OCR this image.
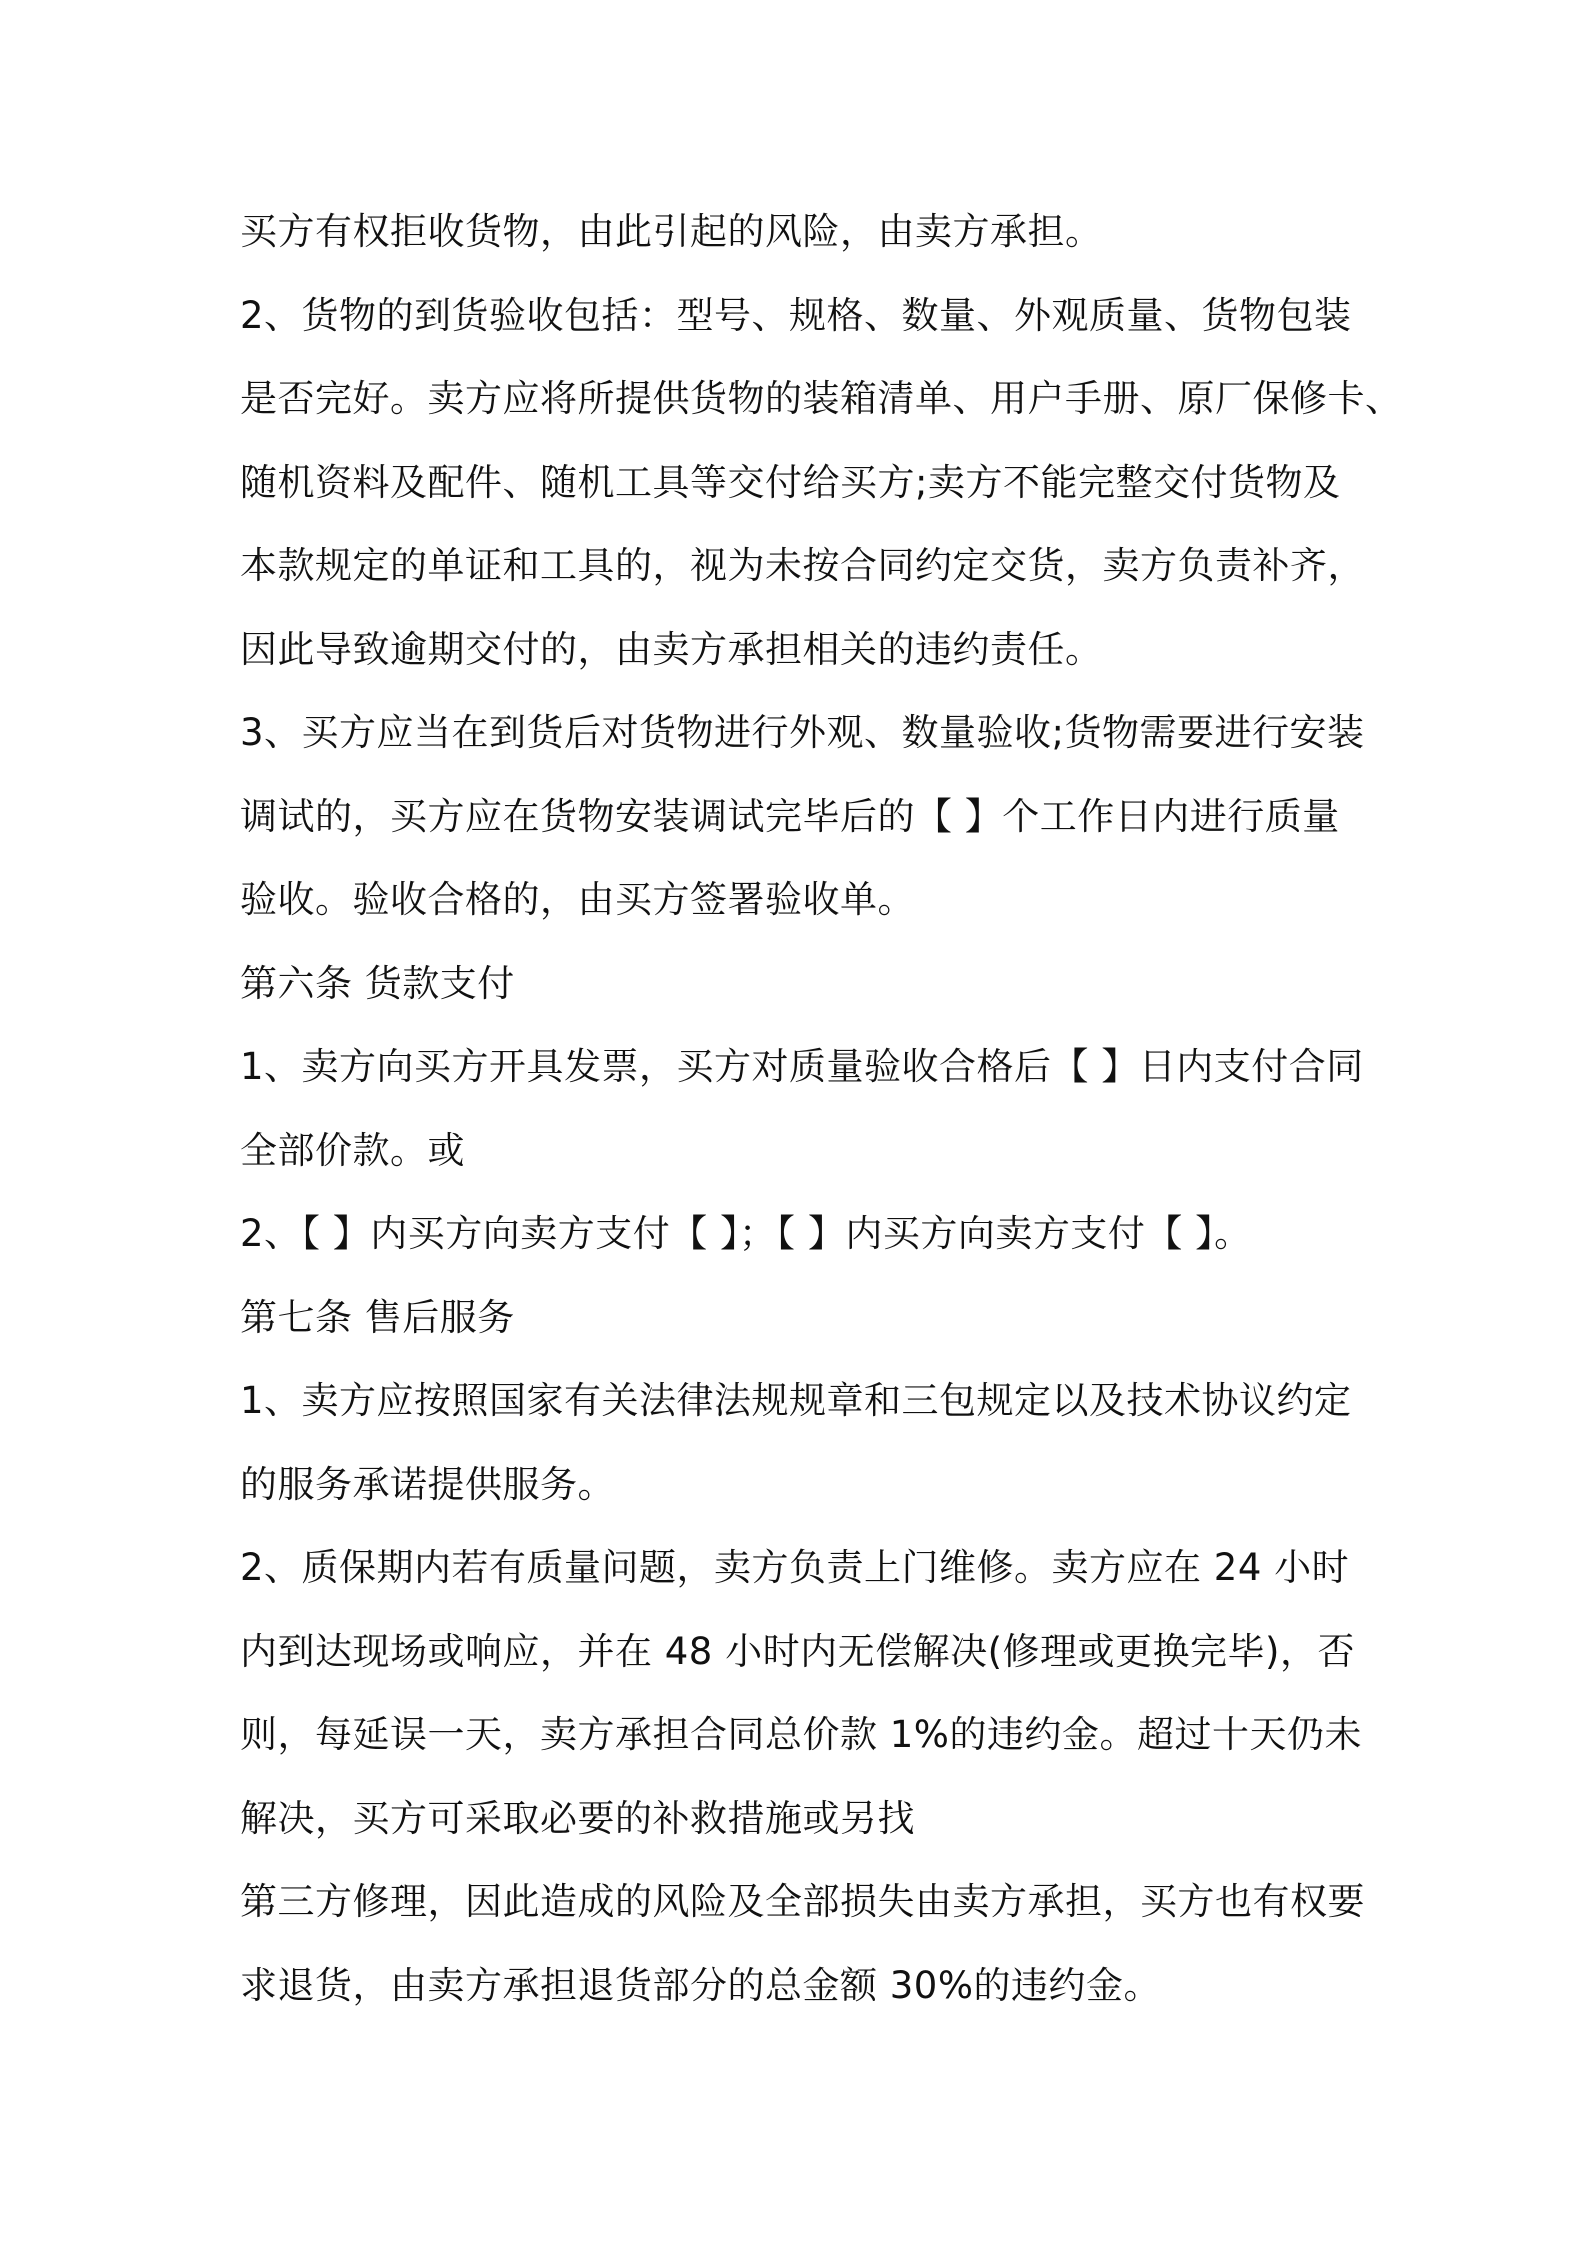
买方有权拒收货物，由此引起的风险，由卖方承担。

2、货物的到货验收包括：型号、规格、数量、外观质量、货物包装

是否完好。卖方应将所提供货物的装箱清单、用户手册、原厂保修卡、

随机资料及配件、随机工具等交付给买方;卖方不能完整交付货物及

本款规定的单证和工具的，视为未按合同约定交货，卖方负责补齐，

因此导致逾期交付的，由卖方承担相关的违约责任。

3、买方应当在到货后对货物进行外观、数量验收;货物需要进行安装

调试的，买方应在货物安装调试完毕后的【 】个工作日内进行质量

验收。验收合格的，由买方签署验收单。

第六条 货款支付

1、卖方向买方开具发票，买方对质量验收合格后【 】日内支付合同

全部价款。或

2、【 】内买方向卖方支付【 】；【 】内买方向卖方支付【 】。

第七条 售后服务

1、卖方应按照国家有关法律法规规章和三包规定以及技术协议约定

的服务承诺提供服务。

2、质保期内若有质量问题，卖方负责上门维修。卖方应在 24 小时

内到达现场或响应，并在 48 小时内无偿解决(修理或更换完毕)，否

则，每延误一天，卖方承担合同总价款 1%的违约金。超过十天仍未

解决，买方可采取必要的补救措施或另找

第三方修理，因此造成的风险及全部损失由卖方承担，买方也有权要

求退货，由卖方承担退货部分的总金额 30%的违约金。
